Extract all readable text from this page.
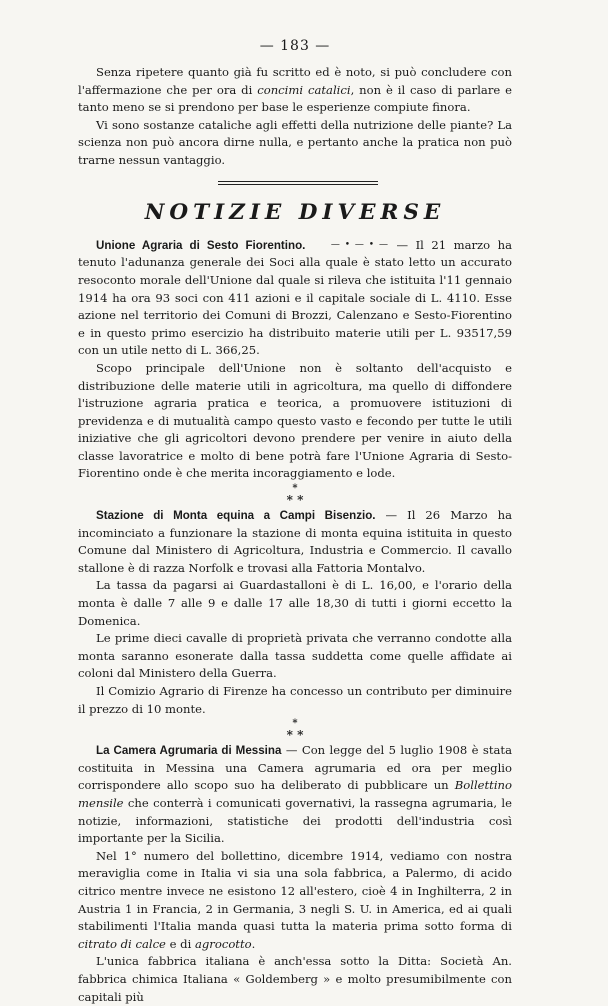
— 183 —

Senza ripetere quanto già fu scritto ed è noto, si può concludere con l'affermazione che per ora di concimi catalici, non è il caso di parlare e tanto meno se si prendono per base le esperienze compiute finora.

Vi sono sostanze cataliche agli effetti della nutrizione delle piante? La scienza non può ancora dirne nulla, e pertanto anche la pratica non può trarne nessun vantaggio.

NOTIZIE DIVERSE

Unione Agraria di Sesto Fiorentino.	— • — • — — Il 21 marzo ha tenuto l'adunanza generale dei Soci alla quale è stato letto un accurato resoconto morale dell'Unione dal quale si rileva che istituita l'11 gennaio 1914 ha ora 93 soci con 411 azioni e il capitale sociale di L. 4110. Esse azione nel territorio dei Comuni di Brozzi, Calenzano e Sesto-Fiorentino e in questo primo esercizio ha distribuito materie utili per L. 93517,59 con un utile netto di L. 366,25.

Scopo principale dell'Unione non è soltanto dell'acquisto e distribuzione delle materie utili in agricoltura, ma quello di diffondere l'istruzione agraria pratica e teorica, a promuovere istituzioni di previdenza e di mutualità campo questo vasto e fecondo per tutte le utili iniziative che gli agricoltori devono prendere per venire in aiuto della classe lavoratrice e molto di bene potrà fare l'Unione Agraria di Sesto-Fiorentino onde è che merita incoraggiamento e lode.

*
* *

Stazione di Monta equina a Campi Bisenzio. — Il 26 Marzo ha incominciato a funzionare la stazione di monta equina istituita in questo Comune dal Ministero di Agricoltura, Industria e Commercio. Il cavallo stallone è di razza Norfolk e trovasi alla Fattoria Montalvo.

La tassa da pagarsi ai Guardastalloni è di L. 16,00, e l'orario della monta è dalle 7 alle 9 e dalle 17 alle 18,30 di tutti i giorni eccetto la Domenica.

Le prime dieci cavalle di proprietà privata che verranno condotte alla monta saranno esonerate dalla tassa suddetta come quelle affidate ai coloni dal Ministero della Guerra.

Il Comizio Agrario di Firenze ha concesso un contributo per diminuire il prezzo di 10 monte.

*
* *

La Camera Agrumaria di Messina — Con legge del 5 luglio 1908 è stata costituita in Messina una Camera agrumaria ed ora per meglio corrispondere allo scopo suo ha deliberato di pubblicare un Bollettino mensile che conterrà i comunicati governativi, la rassegna agrumaria, le notizie, informazioni, statistiche dei prodotti dell'industria così importante per la Sicilia.

Nel 1° numero del bollettino, dicembre 1914, vediamo con nostra meraviglia come in Italia vi sia una sola fabbrica, a Palermo, di acido citrico mentre invece ne esistono 12 all'estero, cioè 4 in Inghilterra, 2 in Austria 1 in Francia, 2 in Germania, 3 negli S. U. in America, ed ai quali stabilimenti l'Italia manda quasi tutta la materia prima sotto forma di citrato di calce e di agrocotto.

L'unica fabbrica italiana è anch'essa sotto la Ditta: Società An. fabbrica chimica Italiana « Goldemberg » e molto presumibilmente con capitali più
